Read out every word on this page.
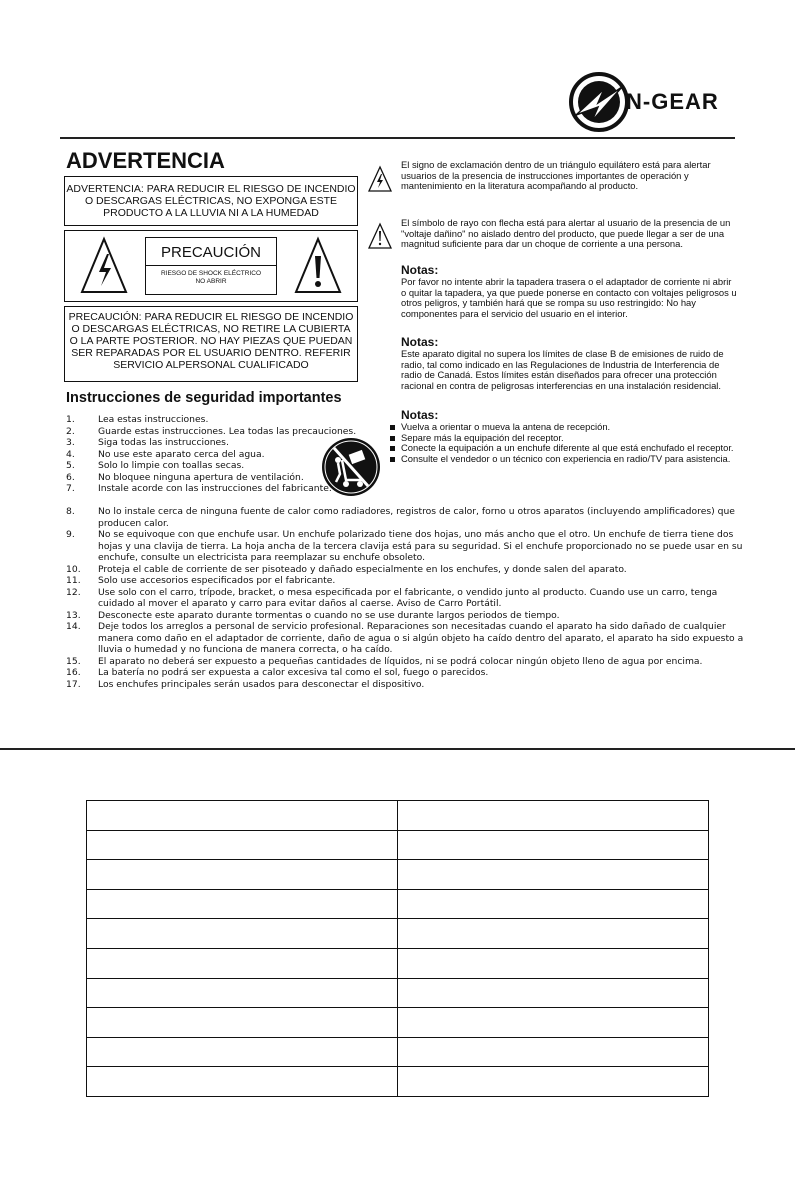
N-GEAR
ADVERTENCIA
ADVERTENCIA: PARA REDUCIR EL RIESGO DE INCENDIO
O DESCARGAS ELÉCTRICAS, NO EXPONGA ESTE
PRODUCTO A LA LLUVIA NI A LA HUMEDAD
PRECAUCIÓN
RIESGO DE SHOCK ELÉCTRICO
NO ABRIR
PRECAUCIÓN: PARA REDUCIR EL RIESGO DE INCENDIO
O DESCARGAS ELÉCTRICAS, NO RETIRE LA CUBIERTA
O LA PARTE POSTERIOR. NO HAY PIEZAS QUE PUEDAN
SER REPARADAS POR EL USUARIO DENTRO. REFERIR
SERVICIO ALPERSONAL CUALIFICADO
El signo de exclamación dentro de un triángulo equilátero está para alertar usuarios de la presencia de instrucciones importantes de operación y mantenimiento en la literatura acompañando al producto.
El símbolo de rayo con flecha está para alertar al usuario de la presencia de un "voltaje dañino" no aislado dentro del producto, que puede llegar a ser de una magnitud suficiente para dar un choque de corriente a una persona.
Notas:
Por favor no intente abrir la tapadera trasera o el adaptador de corriente ni abrir o quitar la tapadera, ya que puede ponerse en contacto con voltajes peligrosos u otros peligros, y también hará que se rompa su uso restringido: No hay componentes para el servicio del usuario en el interior.
Notas:
Este aparato digital no supera los límites de clase B de emisiones de ruido de radio, tal como indicado en las Regulaciones de Industria de Interferencia de radio de Canadá. Estos límites están diseñados para ofrecer una protección racional en contra de peligrosas interferencias en una instalación residencial.
Notas:
Vuelva a orientar o mueva la antena de recepción.
Separe más la equipación del receptor.
Conecte la equipación a un enchufe diferente al que está enchufado el receptor.
Consulte el vendedor o un técnico con experiencia en radio/TV para asistencia.
Instrucciones de seguridad importantes
1.	Lea estas instrucciones.
2.	Guarde estas instrucciones. Lea todas las precauciones.
3.	Siga todas las instrucciones.
4.	No use este aparato cerca del agua.
5.	Solo lo limpie con toallas secas.
6.	No bloquee ninguna apertura de ventilación.
7.	Instale acorde con las instrucciones del fabricante.
8.	No lo instale cerca de ninguna fuente de calor como radiadores, registros de calor, forno u otros aparatos (incluyendo amplificadores) que producen calor.
9.	No se equivoque con que enchufe usar. Un enchufe polarizado tiene dos hojas, uno más ancho que el otro. Un enchufe de tierra tiene dos hojas y una clavija de tierra. La hoja ancha de la tercera clavija está para su seguridad. Si el enchufe proporcionado no se puede usar en su enchufe, consulte un electricista para reemplazar su enchufe obsoleto.
10. Proteja el cable de corriente de ser pisoteado y dañado especialmente en los enchufes, y donde salen del aparato.
11. Solo use accesorios especificados por el fabricante.
12. Use solo con el carro, trípode, bracket, o mesa especificada por el fabricante, o vendido junto al producto. Cuando use un carro, tenga cuidado al mover el aparato y carro para evitar daños al caerse. Aviso de Carro Portátil.
13. Desconecte este aparato durante tormentas o cuando no se use durante largos periodos de tiempo.
14. Deje todos los arreglos a personal de servicio profesional. Reparaciones son necesitadas cuando el aparato ha sido dañado de cualquier manera como daño en el adaptador de corriente, daño de agua o si algún objeto ha caído dentro del aparato, el aparato ha sido expuesto a lluvia o humedad y no funciona de manera correcta, o ha caído.
15. El aparato no deberá ser expuesto a pequeñas cantidades de líquidos, ni se podrá colocar ningún objeto lleno de agua por encima.
16. La batería no podrá ser expuesta a calor excesiva tal como el sol, fuego o parecidos.
17. Los enchufes principales serán usados para desconectar el dispositivo.
